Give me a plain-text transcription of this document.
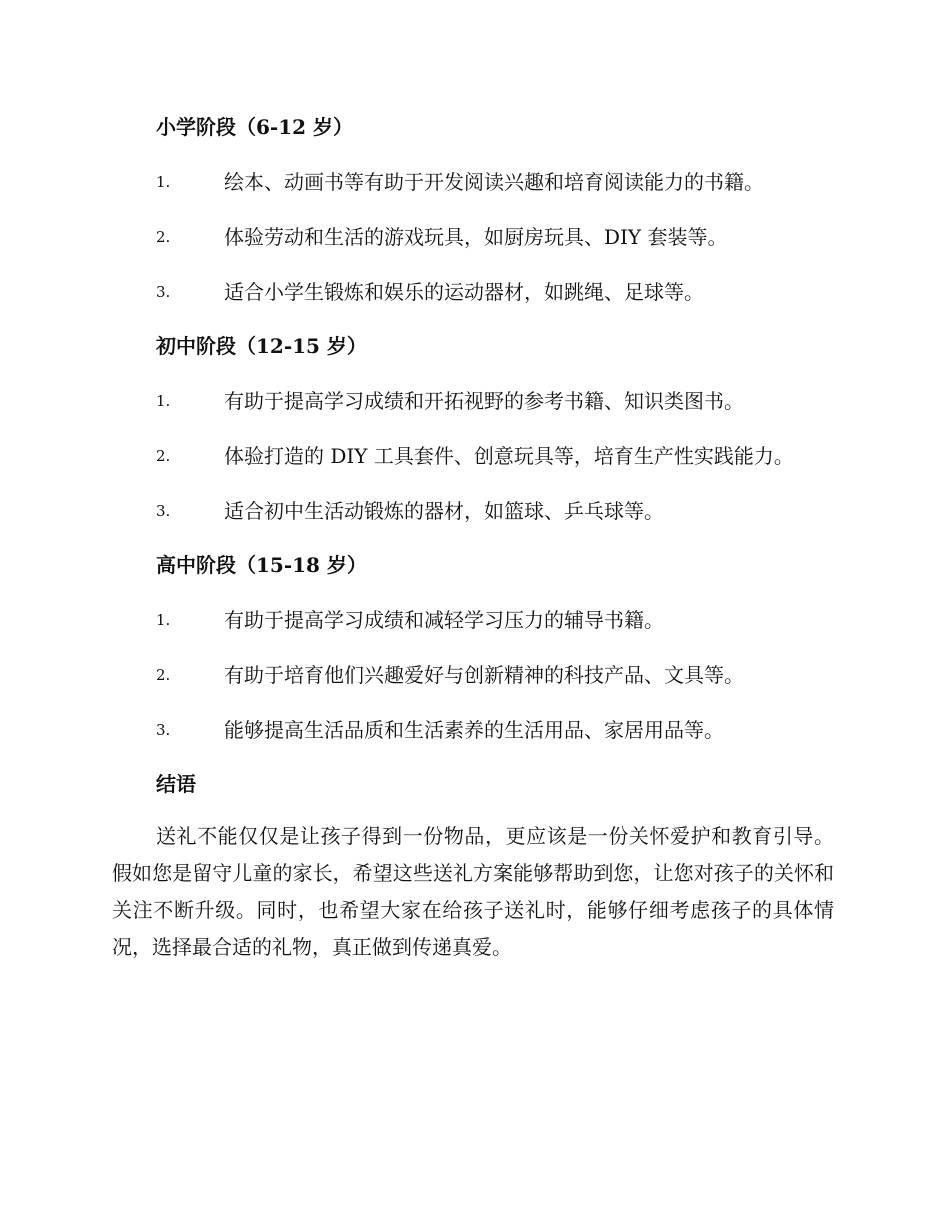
小学阶段（6-12 岁）
1.	绘本、动画书等有助于开发阅读兴趣和培育阅读能力的书籍。
2.	体验劳动和生活的游戏玩具，如厨房玩具、DIY 套装等。
3.	适合小学生锻炼和娱乐的运动器材，如跳绳、足球等。
初中阶段（12-15 岁）
1.	有助于提高学习成绩和开拓视野的参考书籍、知识类图书。
2.	体验打造的 DIY 工具套件、创意玩具等，培育生产性实践能力。
3.	适合初中生活动锻炼的器材，如篮球、乒乓球等。
高中阶段（15-18 岁）
1.	有助于提高学习成绩和减轻学习压力的辅导书籍。
2.	有助于培育他们兴趣爱好与创新精神的科技产品、文具等。
3.	能够提高生活品质和生活素养的生活用品、家居用品等。
结语

送礼不能仅仅是让孩子得到一份物品，更应该是一份关怀爱护和教育引导。假如您是留守儿童的家长，希望这些送礼方案能够帮助到您，让您对孩子的关怀和关注不断升级。同时，也希望大家在给孩子送礼时，能够仔细考虑孩子的具体情况，选择最合适的礼物，真正做到传递真爱。
